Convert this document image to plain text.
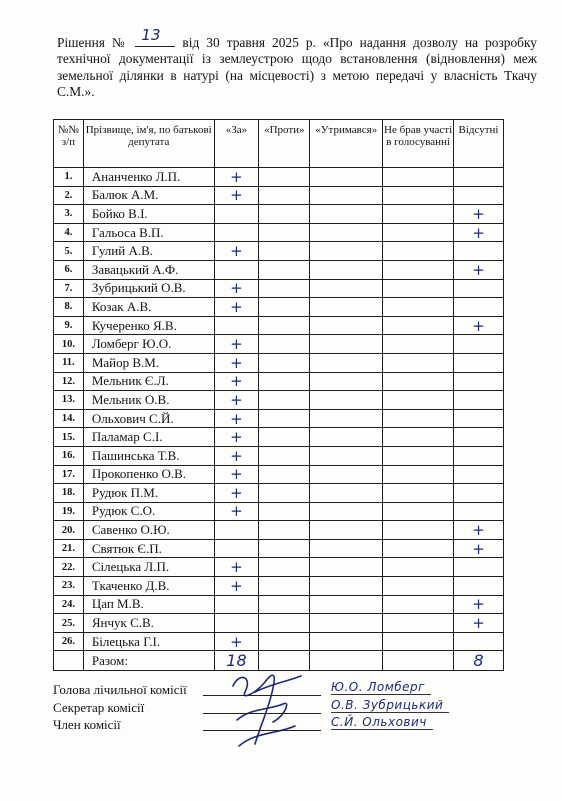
Рішення № 13 від 30 травня 2025 р. «Про надання дозволу на розробку технічної документації із землеустрою щодо встановлення (відновлення) меж земельної ділянки в натурі (на місцевості) з метою передачі у власність Ткачу С.М.».
№№ з/п	Прізвище, ім'я, по батькові депутата	«За»	«Проти»	«Утримався»	Не брав участі в голосуванні	Відсутні
1.	Ананченко Л.П.	+				
2.	Балюк А.М.	+				
3.	Бойко В.І.					+
4.	Гальоса В.П.					+
5.	Гулий А.В.	+				
6.	Завацький А.Ф.					+
7.	Зубрицький О.В.	+				
8.	Козак А.В.	+				
9.	Кучеренко Я.В.					+
10.	Ломберг Ю.О.	+				
11.	Майор В.М.	+				
12.	Мельник Є.Л.	+				
13.	Мельник О.В.	+				
14.	Ольхович С.Й.	+				
15.	Паламар С.І.	+				
16.	Пашинська Т.В.	+				
17.	Прокопенко О.В.	+				
18.	Рудюк П.М.	+				
19.	Рудюк С.О.	+				
20.	Савенко О.Ю.					+
21.	Святюк Є.П.					+
22.	Сілецька Л.П.	+				
23.	Ткаченко Д.В.	+				
24.	Цап М.В.					+
25.	Янчук С.В.					+
26.	Білецька Г.І.	+				
	Разом:	18				8
Голова лічильної комісії	Ю.О. Ломберг
Секретар комісії	О.В. Зубрицький
Член комісії	С.Й. Ольхович
